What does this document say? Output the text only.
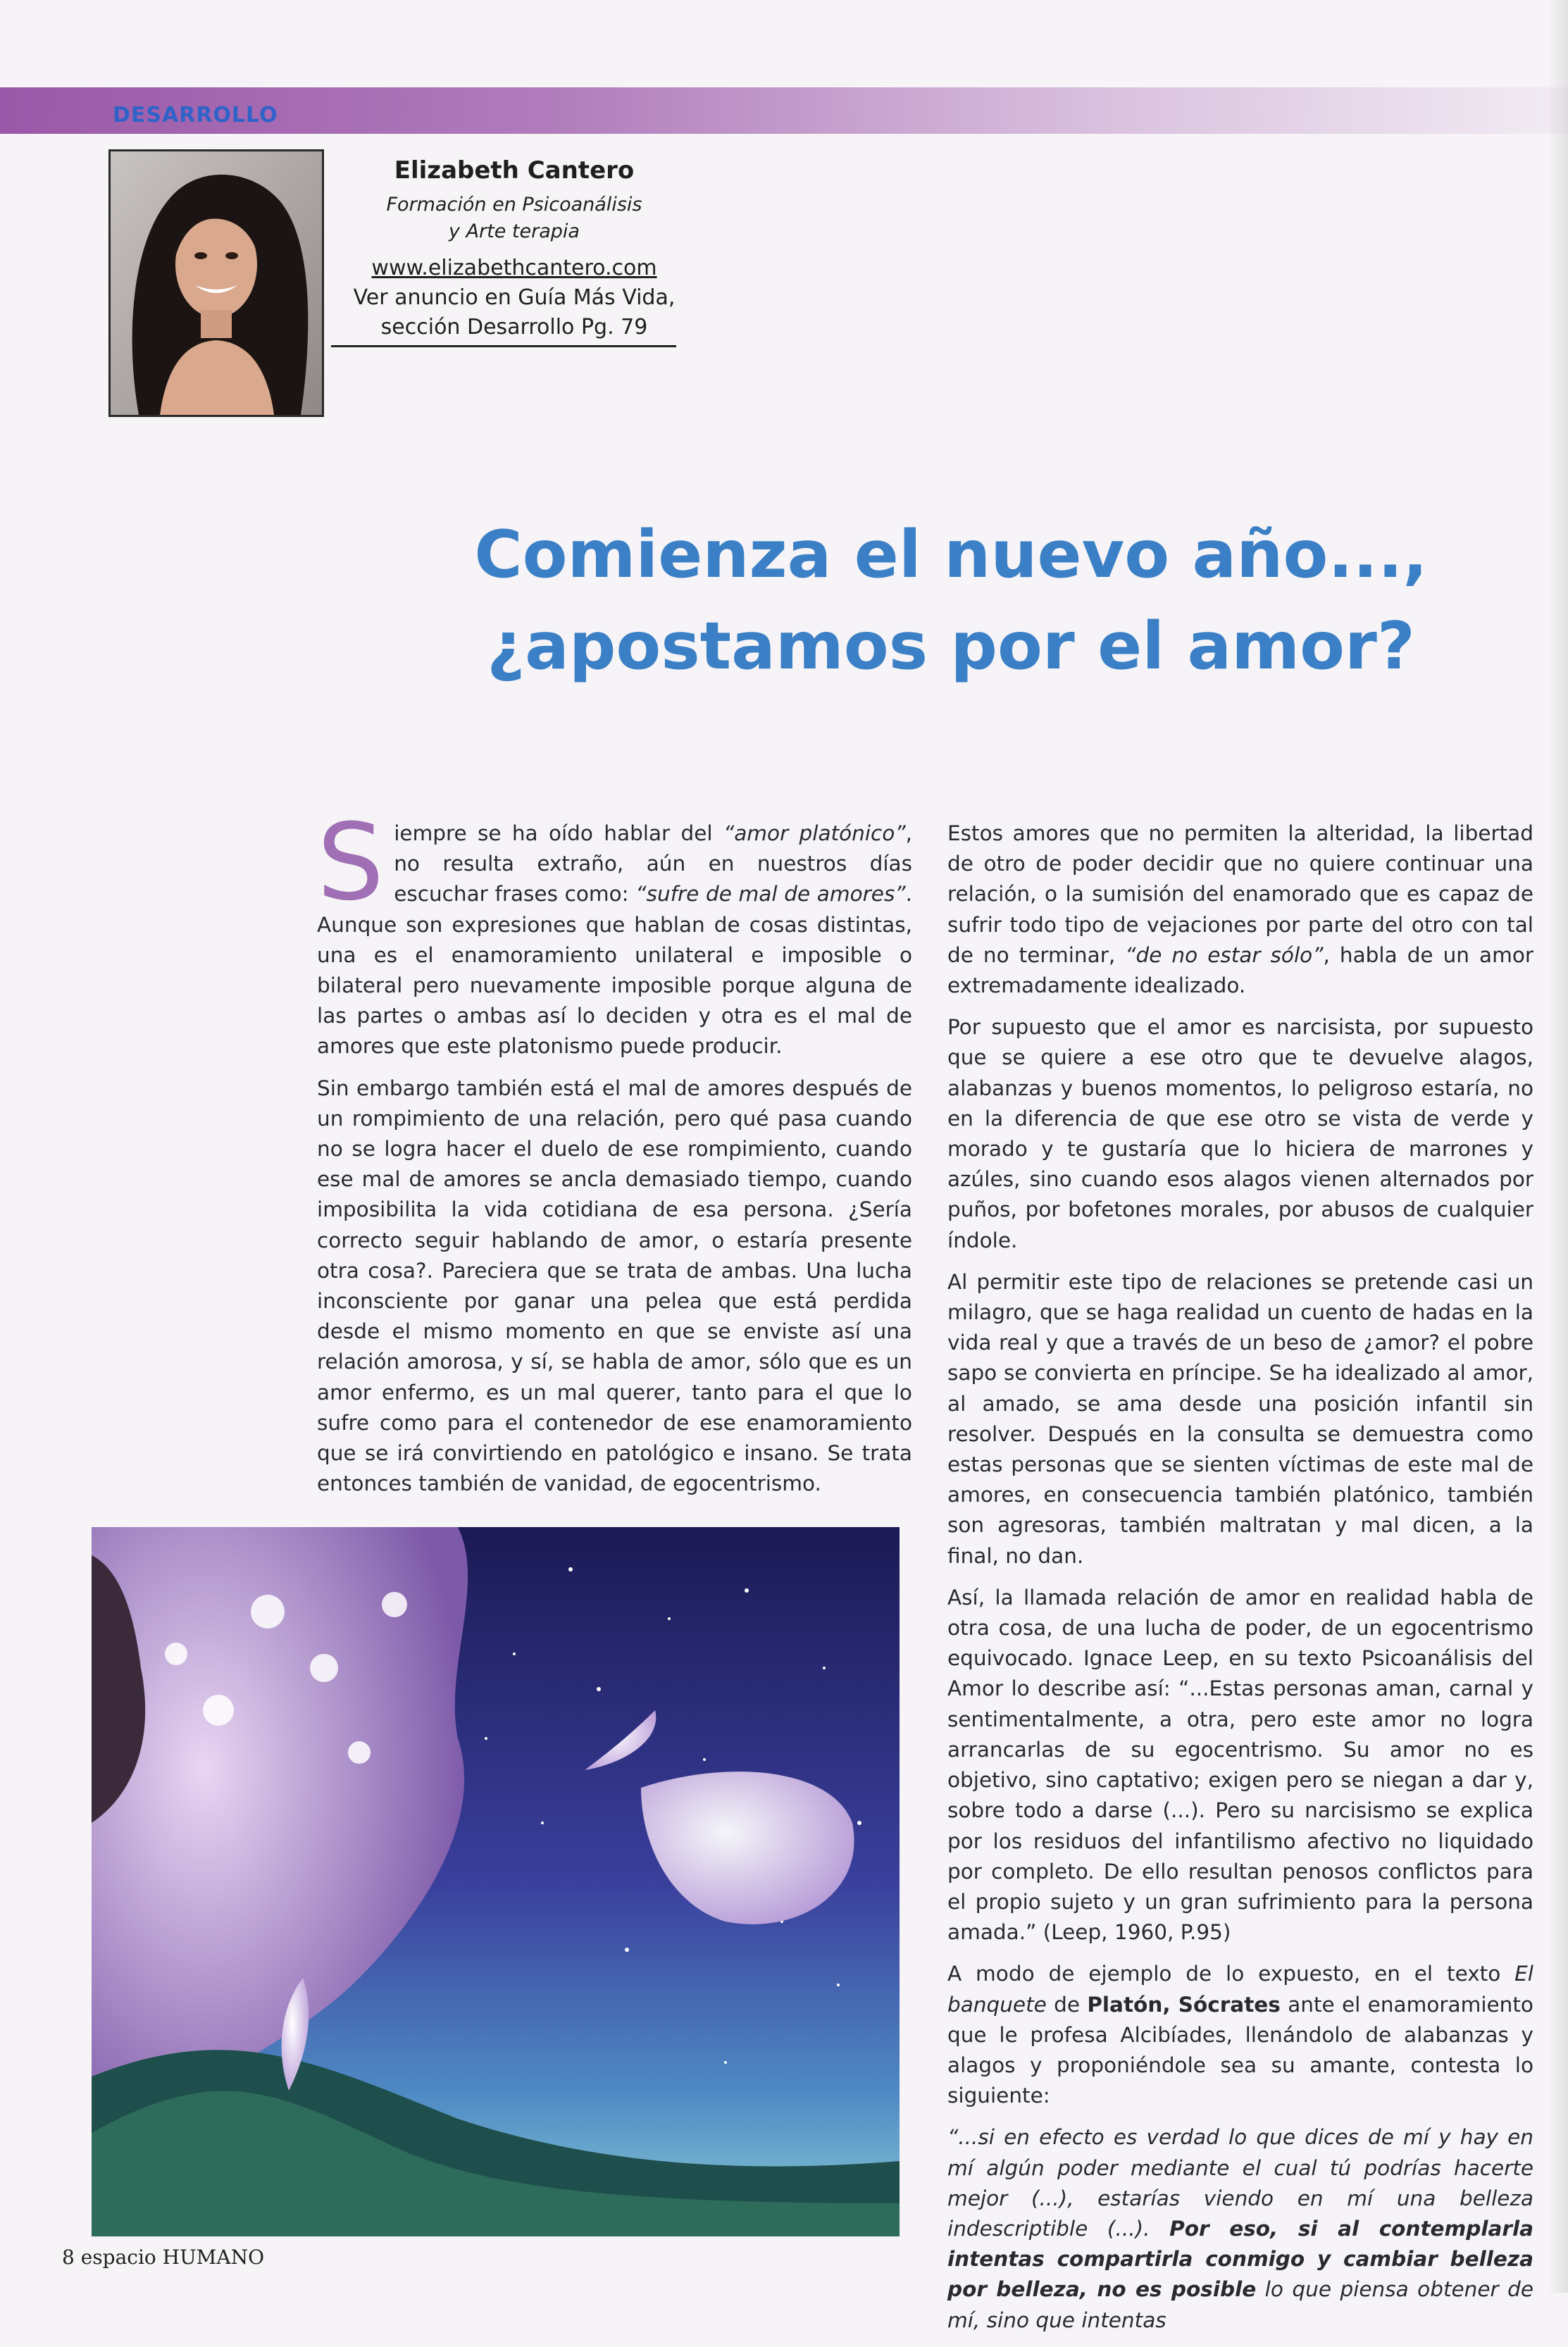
DESARROLLO
Elizabeth Cantero
Formación en Psicoanálisis
y Arte terapia
www.elizabethcantero.com
Ver anuncio en Guía Más Vida,
sección Desarrollo Pg. 79
Comienza el nuevo año...,
¿apostamos por el amor?

Siempre se ha oído hablar del “amor platónico”, no resulta extraño, aún en nuestros días escuchar frases como: “sufre de mal de amores”. Aunque son expresiones que hablan de cosas distintas, una es el enamoramiento unilateral e imposible o bilateral pero nuevamente imposible porque alguna de las partes o ambas así lo deciden y otra es el mal de amores que este platonismo puede producir.

Sin embargo también está el mal de amores después de un rompimiento de una relación, pero qué pasa cuando no se logra hacer el duelo de ese rompimiento, cuando ese mal de amores se ancla demasiado tiempo, cuando imposibilita la vida cotidiana de esa persona. ¿Sería correcto seguir hablando de amor, o estaría presente otra cosa?. Pareciera que se trata de ambas. Una lucha inconsciente por ganar una pelea que está perdida desde el mismo momento en que se enviste así una relación amorosa, y sí, se habla de amor, sólo que es un amor enfermo, es un mal querer, tanto para el que lo sufre como para el contenedor de ese enamoramiento que se irá convirtiendo en patológico e insano. Se trata entonces también de vanidad, de egocentrismo.

Estos amores que no permiten la alteridad, la libertad de otro de poder decidir que no quiere continuar una relación, o la sumisión del enamorado que es capaz de sufrir todo tipo de vejaciones por parte del otro con tal de no terminar, “de no estar sólo”, habla de un amor extremadamente idealizado.

Por supuesto que el amor es narcisista, por supuesto que se quiere a ese otro que te devuelve alagos, alabanzas y buenos momentos, lo peligroso estaría, no en la diferencia de que ese otro se vista de verde y morado y te gustaría que lo hiciera de marrones y azúles, sino cuando esos alagos vienen alternados por puños, por bofetones morales, por abusos de cualquier índole.

Al permitir este tipo de relaciones se pretende casi un milagro, que se haga realidad un cuento de hadas en la vida real y que a través de un beso de ¿amor? el pobre sapo se convierta en príncipe. Se ha idealizado al amor, al amado, se ama desde una posición infantil sin resolver. Después en la consulta se demuestra como estas personas que se sienten víctimas de este mal de amores, en consecuencia también platónico, también son agresoras, también maltratan y mal dicen, a la final, no dan.

Así, la llamada relación de amor en realidad habla de otra cosa, de una lucha de poder, de un egocentrismo equivocado. Ignace Leep, en su texto Psicoanálisis del Amor lo describe así: “...Estas personas aman, carnal y sentimentalmente, a otra, pero este amor no logra arrancarlas de su egocentrismo. Su amor no es objetivo, sino captativo; exigen pero se niegan a dar y, sobre todo a darse (...). Pero su narcisismo se explica por los residuos del infantilismo afectivo no liquidado por completo. De ello resultan penosos conflictos para el propio sujeto y un gran sufrimiento para la persona amada.” (Leep, 1960, P.95)

A modo de ejemplo de lo expuesto, en el texto El banquete de Platón, Sócrates ante el enamoramiento que le profesa Alcibíades, llenándolo de alabanzas y alagos y proponiéndole sea su amante, contesta lo siguiente:

“...si en efecto es verdad lo que dices de mí y hay en mí algún poder mediante el cual tú podrías hacerte mejor (...), estarías viendo en mí una belleza indescriptible (...). Por eso, si al contemplarla intentas compartirla conmigo y cambiar belleza por belleza, no es posible lo que piensa obtener de mí, sino que intentas

8 espacio HUMANO
